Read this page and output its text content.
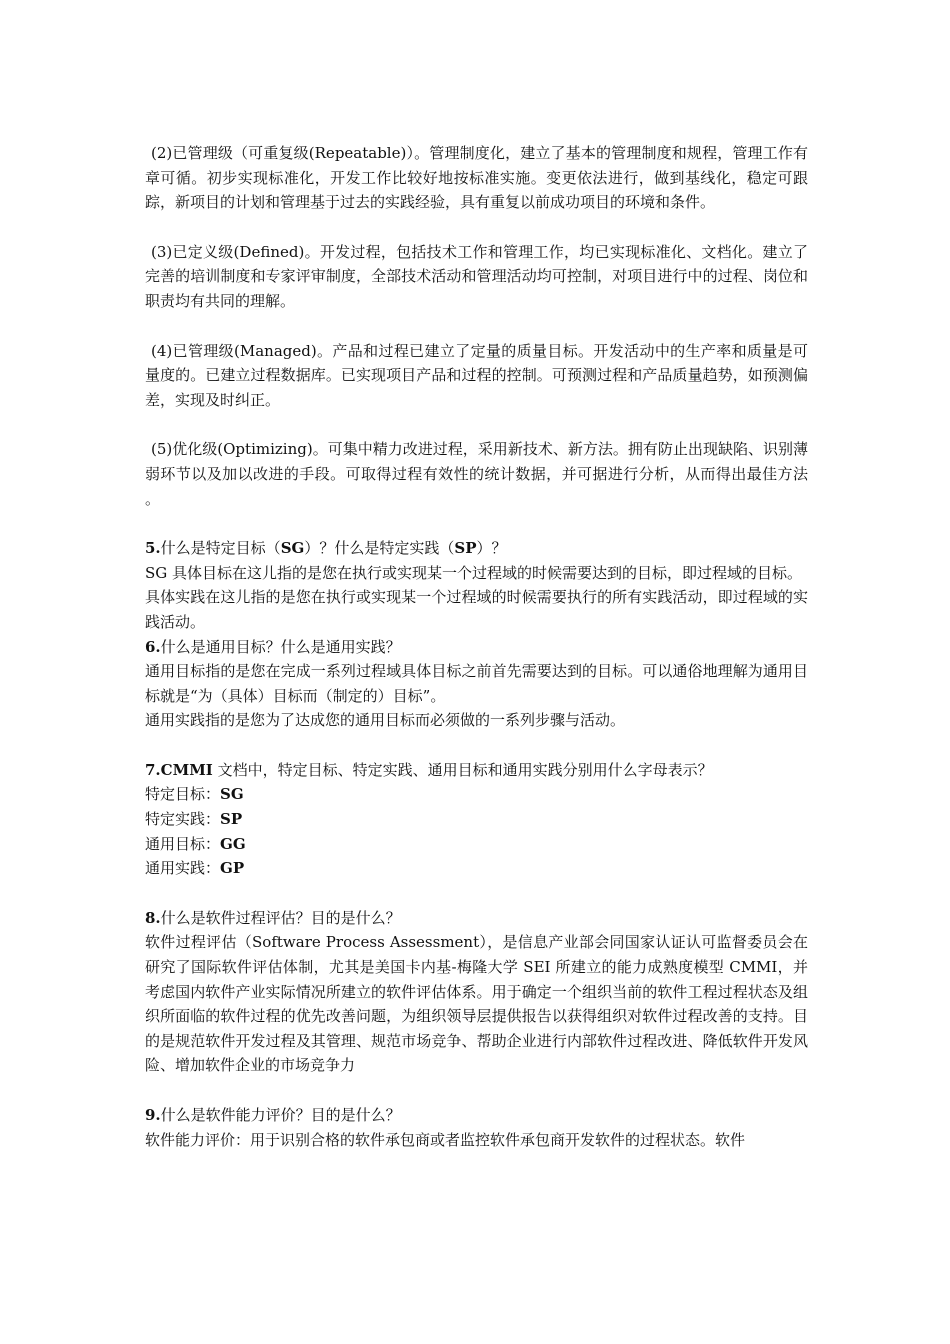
(2)已管理级（可重复级(Repeatable)）。管理制度化，建立了基本的管理制度和规程，管理工作有章可循。初步实现标准化，开发工作比较好地按标准实施。变更依法进行，做到基线化，稳定可跟踪，新项目的计划和管理基于过去的实践经验，具有重复以前成功项目的环境和条件。

(3)已定义级(Defined)。开发过程，包括技术工作和管理工作，均已实现标准化、文档化。建立了完善的培训制度和专家评审制度，全部技术活动和管理活动均可控制，对项目进行中的过程、岗位和职责均有共同的理解。

(4)已管理级(Managed)。产品和过程已建立了定量的质量目标。开发活动中的生产率和质量是可量度的。已建立过程数据库。已实现项目产品和过程的控制。可预测过程和产品质量趋势，如预测偏差，实现及时纠正。

(5)优化级(Optimizing)。可集中精力改进过程，采用新技术、新方法。拥有防止出现缺陷、识别薄弱环节以及加以改进的手段。可取得过程有效性的统计数据，并可据进行分析，从而得出最佳方法 。

5.什么是特定目标（SG）？什么是特定实践（SP）？

SG 具体目标在这儿指的是您在执行或实现某一个过程域的时候需要达到的目标，即过程域的目标。

具体实践在这儿指的是您在执行或实现某一个过程域的时候需要执行的所有实践活动，即过程域的实践活动。

6.什么是通用目标？什么是通用实践？

通用目标指的是您在完成一系列过程域具体目标之前首先需要达到的目标。可以通俗地理解为通用目标就是“为（具体）目标而（制定的）目标”。

通用实践指的是您为了达成您的通用目标而必须做的一系列步骤与活动。

7.CMMI 文档中，特定目标、特定实践、通用目标和通用实践分别用什么字母表示？

特定目标：SG

特定实践：SP

通用目标：GG

通用实践：GP

8.什么是软件过程评估？目的是什么？

软件过程评估（Software Process Assessment），是信息产业部会同国家认证认可监督委员会在研究了国际软件评估体制，尤其是美国卡内基-梅隆大学 SEI 所建立的能力成熟度模型 CMMI，并考虑国内软件产业实际情况所建立的软件评估体系。用于确定一个组织当前的软件工程过程状态及组织所面临的软件过程的优先改善问题，为组织领导层提供报告以获得组织对软件过程改善的支持。目的是规范软件开发过程及其管理、规范市场竞争、帮助企业进行内部软件过程改进、降低软件开发风险、增加软件企业的市场竞争力

9.什么是软件能力评价？目的是什么？

软件能力评价：用于识别合格的软件承包商或者监控软件承包商开发软件的过程状态。软件
